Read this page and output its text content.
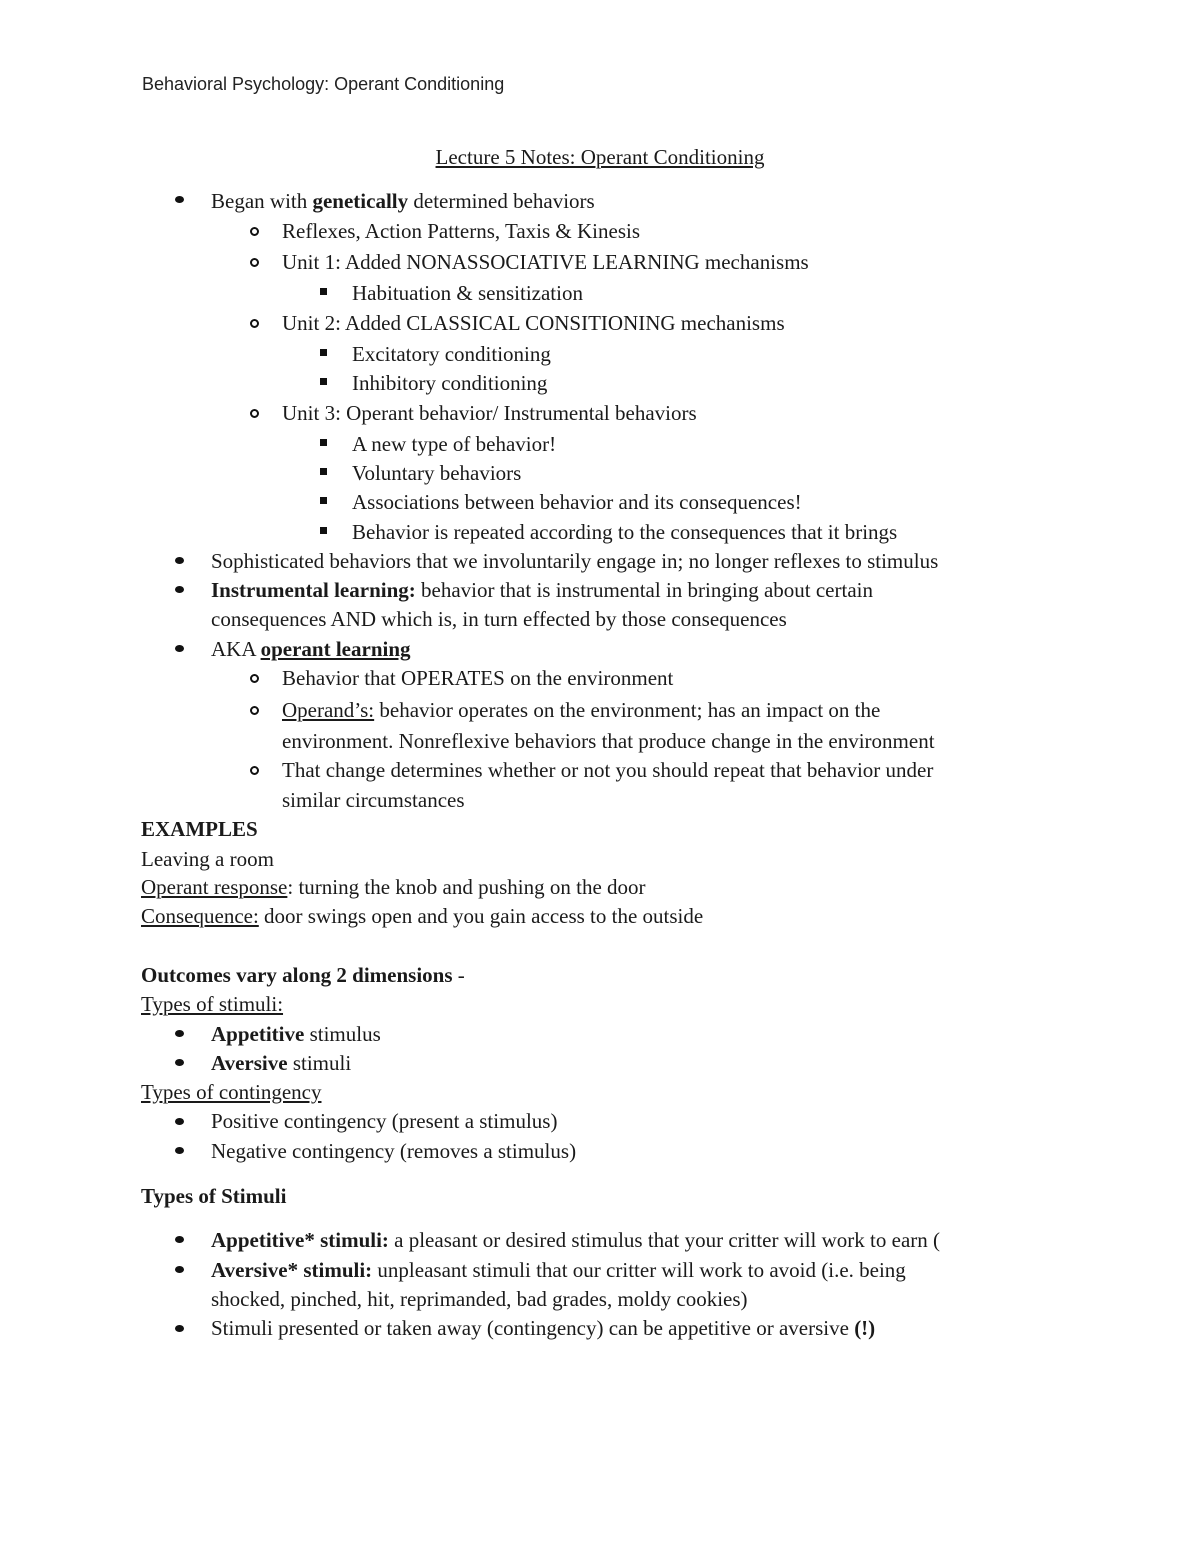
Behavioral Psychology: Operant Conditioning
Lecture 5 Notes: Operant Conditioning
Began with genetically determined behaviors
Reflexes, Action Patterns, Taxis & Kinesis
Unit 1: Added NONASSOCIATIVE LEARNING mechanisms
Habituation & sensitization
Unit 2: Added CLASSICAL CONSITIONING mechanisms
Excitatory conditioning
Inhibitory conditioning
Unit 3: Operant behavior/ Instrumental behaviors
A new type of behavior!
Voluntary behaviors
Associations between behavior and its consequences!
Behavior is repeated according to the consequences that it brings
Sophisticated behaviors that we involuntarily engage in; no longer reflexes to stimulus
Instrumental learning: behavior that is instrumental in bringing about certain
consequences AND which is, in turn effected by those consequences
AKA operant learning
Behavior that OPERATES on the environment
Operand’s: behavior operates on the environment; has an impact on the
environment. Nonreflexive behaviors that produce change in the environment
That change determines whether or not you should repeat that behavior under
similar circumstances
EXAMPLES
Leaving a room
Operant response: turning the knob and pushing on the door
Consequence: door swings open and you gain access to the outside
Outcomes vary along 2 dimensions -
Types of stimuli:
Appetitive stimulus
Aversive stimuli
Types of contingency
Positive contingency (present a stimulus)
Negative contingency (removes a stimulus)
Types of Stimuli
Appetitive* stimuli: a pleasant or desired stimulus that your critter will work to earn (
Aversive* stimuli: unpleasant stimuli that our critter will work to avoid (i.e. being
shocked, pinched, hit, reprimanded, bad grades, moldy cookies)
Stimuli presented or taken away (contingency) can be appetitive or aversive (!)
